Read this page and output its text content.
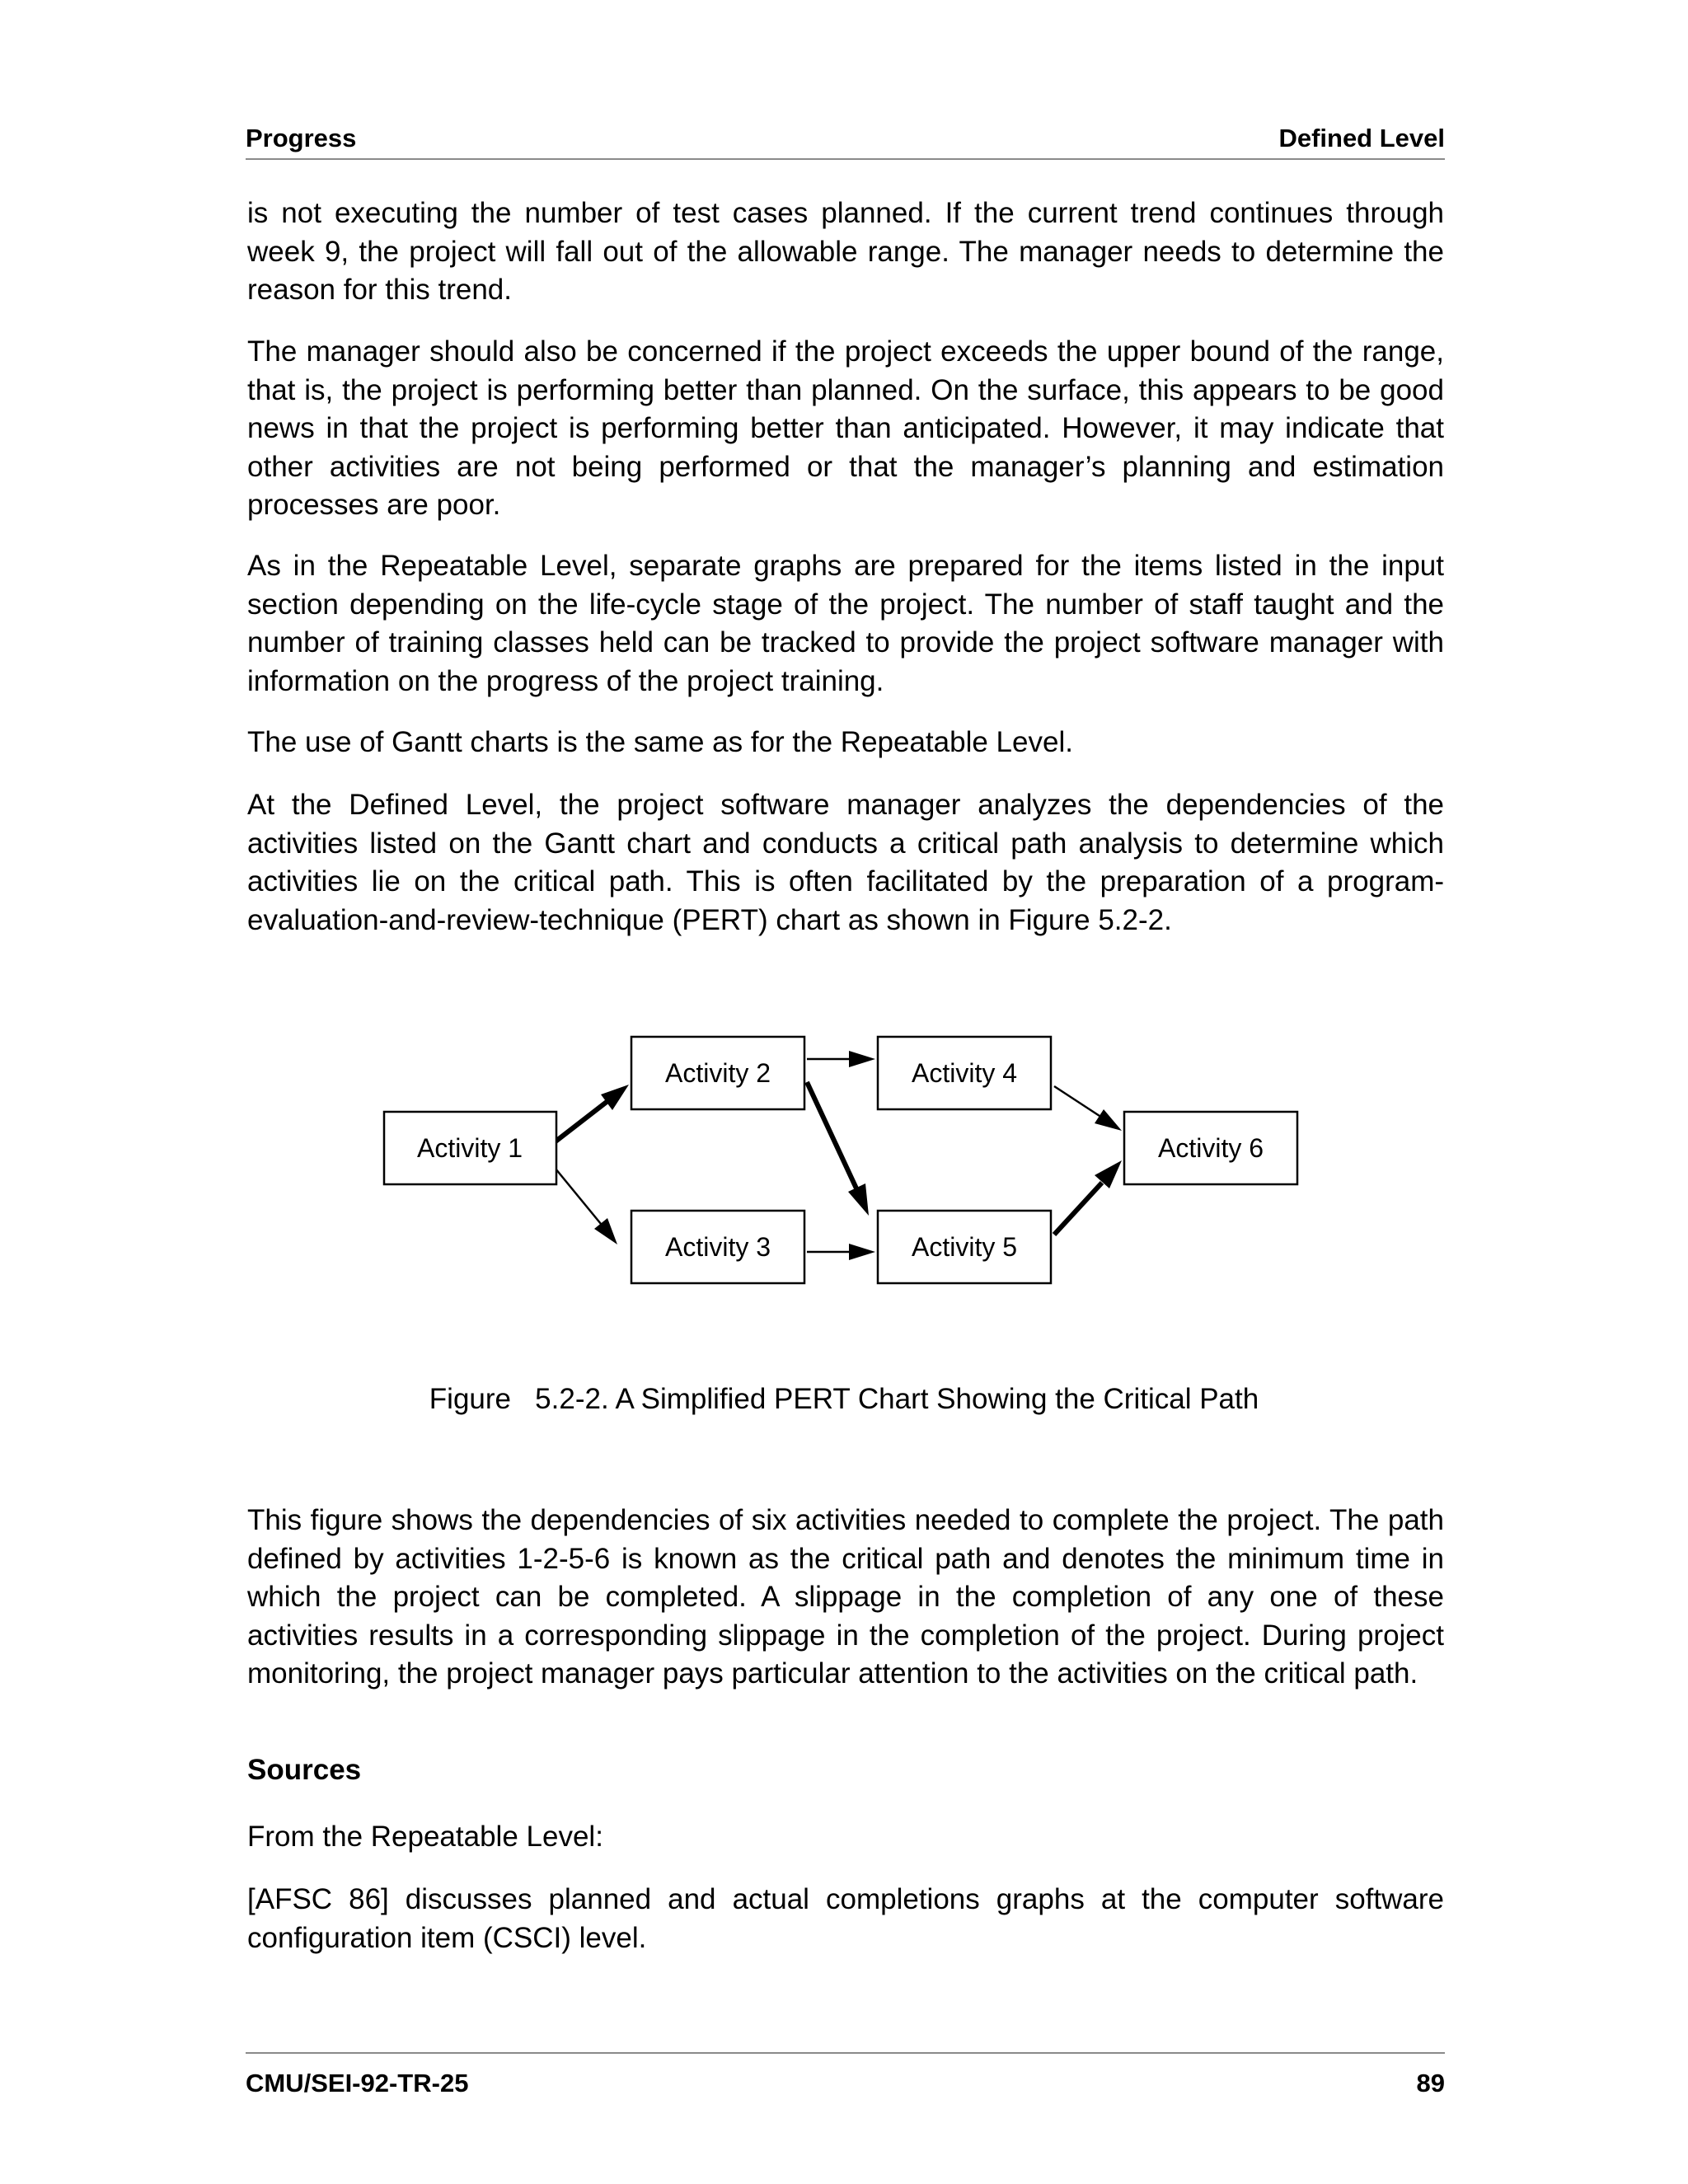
Progress	Defined Level

is not executing the number of test cases planned. If the current trend continues through week 9, the project will fall out of the allowable range. The manager needs to determine the reason for this trend.

The manager should also be concerned if the project exceeds the upper bound of the range, that is, the project is performing better than planned. On the surface, this appears to be good news in that the project is performing better than anticipated. However, it may indicate that other activities are not being performed or that the manager’s planning and estimation processes are poor.

As in the Repeatable Level, separate graphs are prepared for the items listed in the input section depending on the life-cycle stage of the project. The number of staff taught and the number of training classes held can be tracked to provide the project software manager with information on the progress of the project training.

The use of Gantt charts is the same as for the Repeatable Level.

At the Defined Level, the project software manager analyzes the dependencies of the activities listed on the Gantt chart and conducts a critical path analysis to determine which activities lie on the critical path. This is often facilitated by the preparation of a program-evaluation-and-review-technique (PERT) chart as shown in Figure 5.2-2.

Activity 1
Activity 2
Activity 3
Activity 4
Activity 5
Activity 6

Figure   5.2-2. A Simplified PERT Chart Showing the Critical Path

This figure shows the dependencies of six activities needed to complete the project. The path defined by activities 1-2-5-6 is known as the critical path and denotes the minimum time in which the project can be completed. A slippage in the completion of any one of these activities results in a corresponding slippage in the completion of the project. During project monitoring, the project manager pays particular attention to the activities on the critical path.

Sources

From the Repeatable Level:

[AFSC 86] discusses planned and actual completions graphs at the computer software configuration item (CSCI) level.

CMU/SEI-92-TR-25	89
